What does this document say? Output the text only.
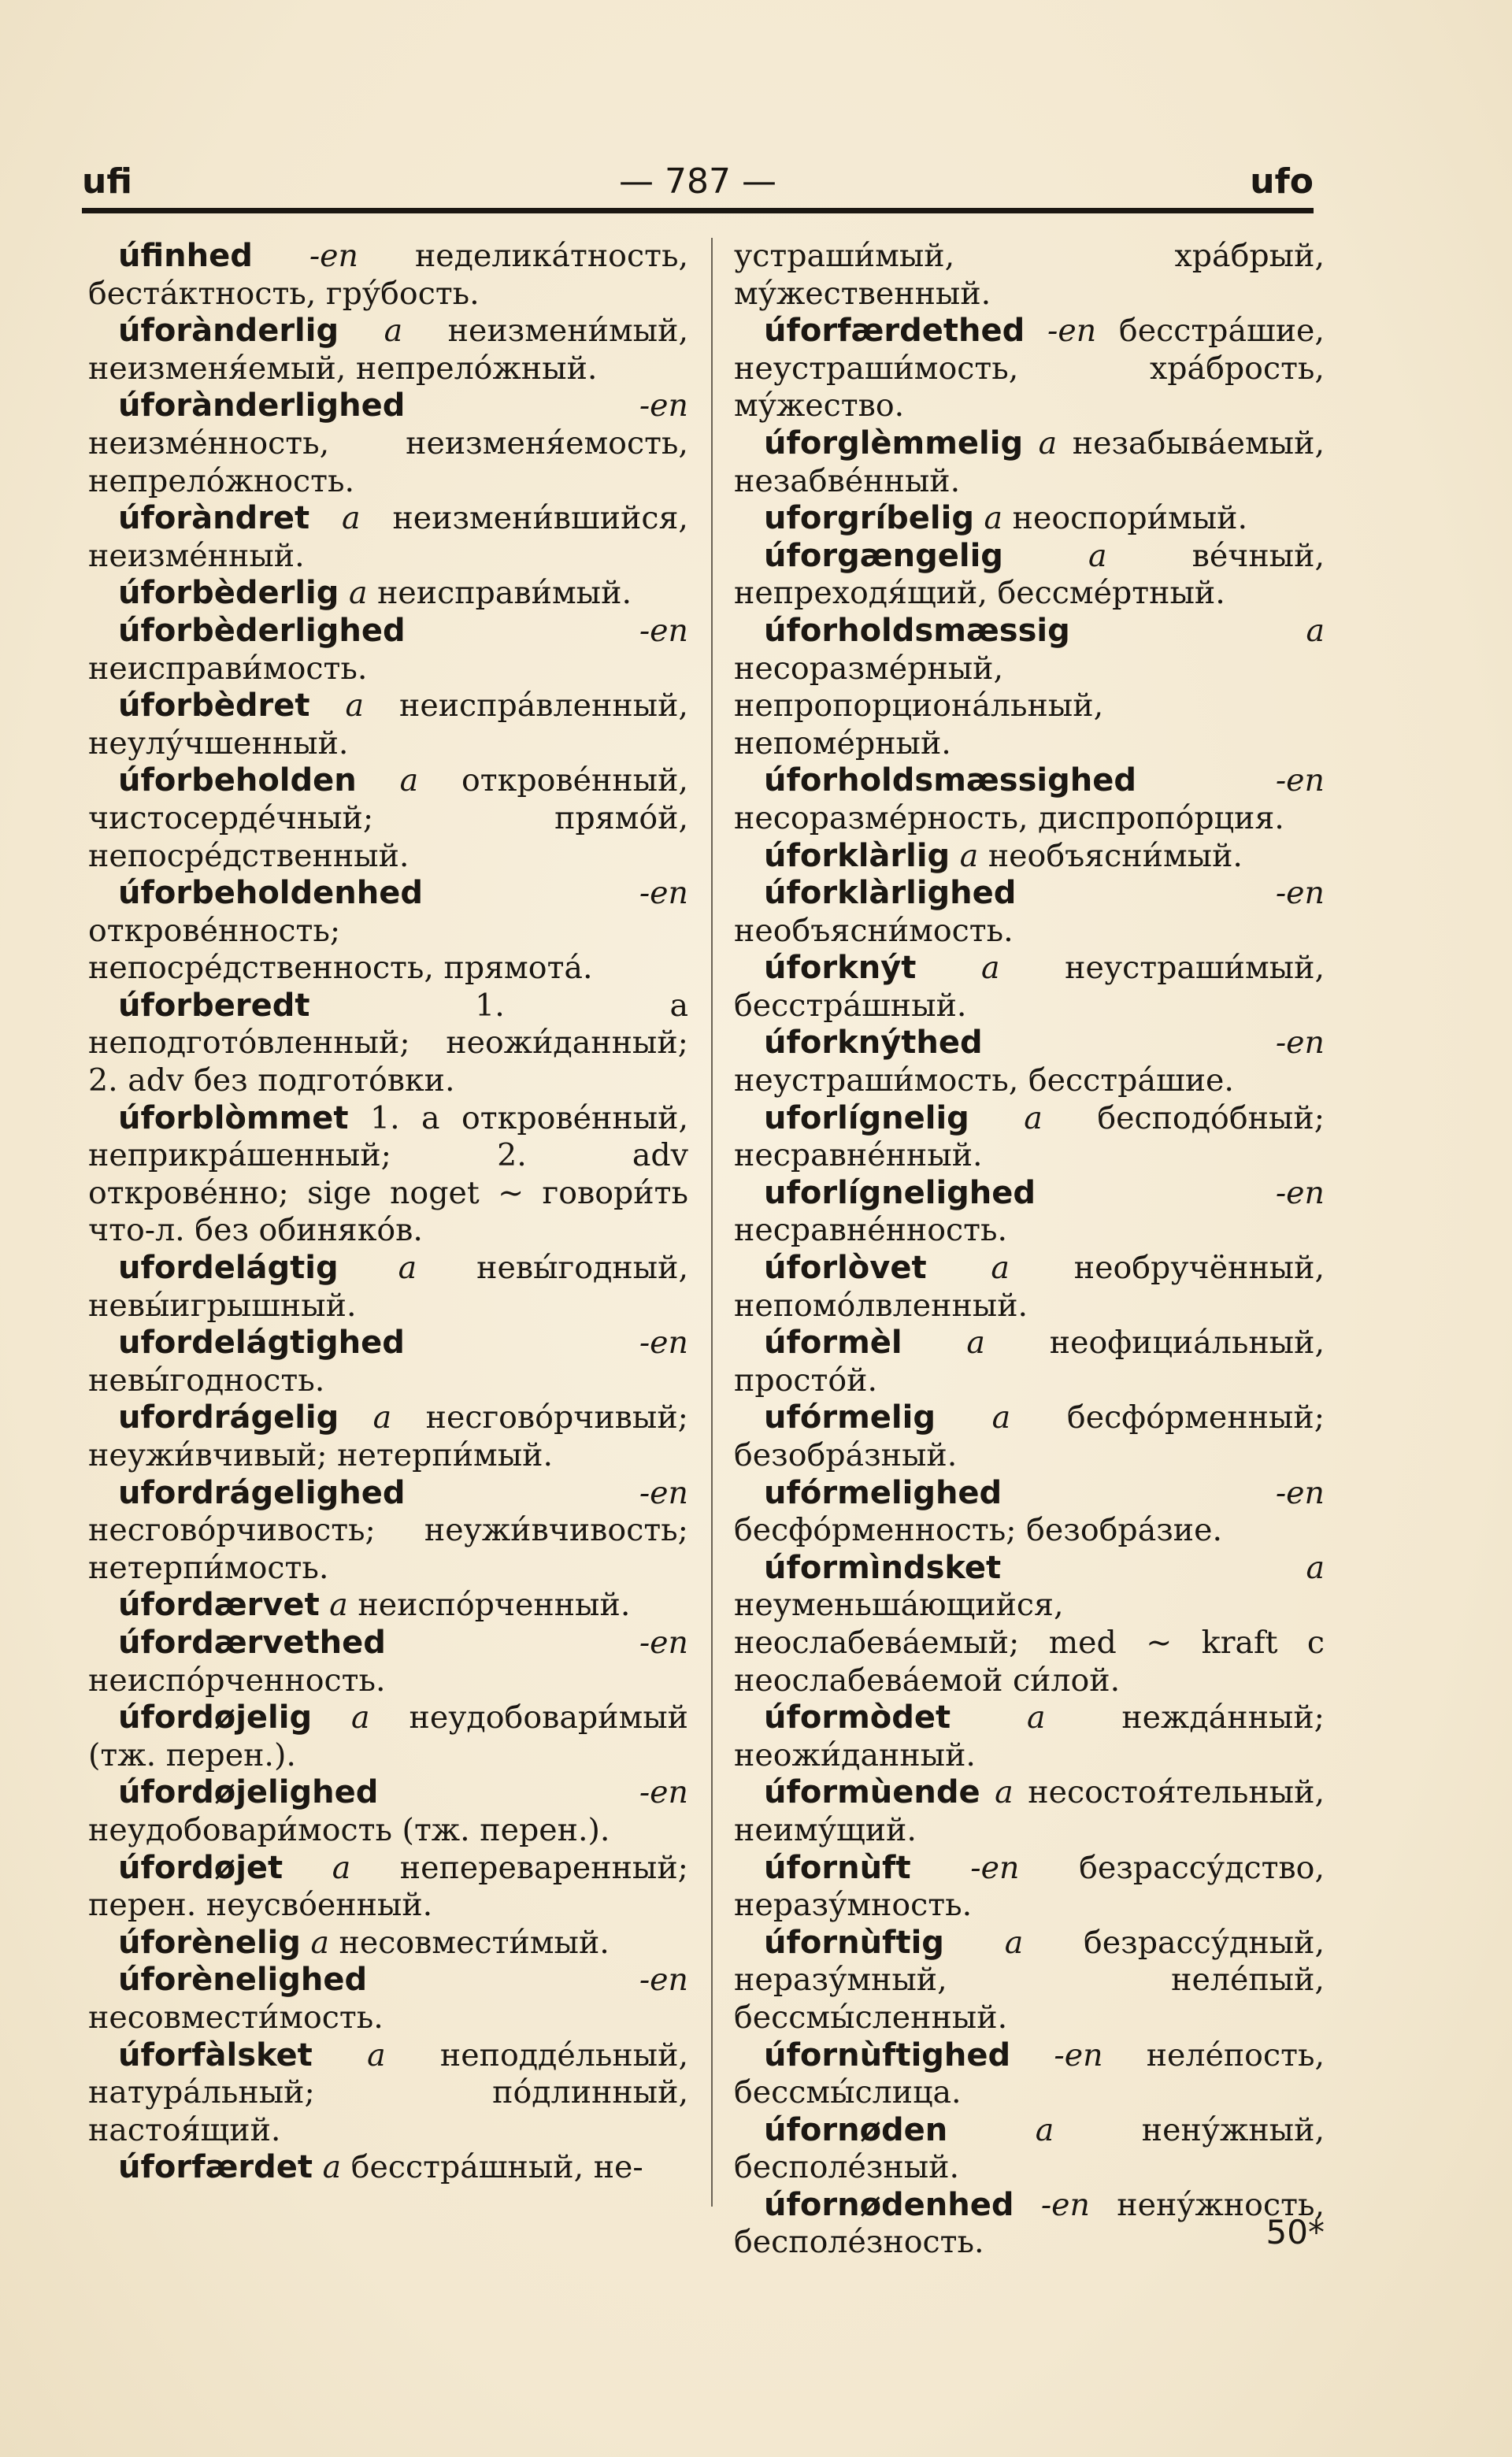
ufi	— 787 —	ufo

úfinhed -en неделика́тность, беста́ктность, гру́бость.

úforànderlig a неизмени́мый, неизменя́емый, непрело́жный.

úforànderlighed	-en неизме́нность, неизменя́емость, непрело́жность.

úforàndret a неизмени́вшийся, неизме́нный.

úforbèderlig a неисправи́мый.

úforbèderlighed	-en неисправи́мость.

úforbèdret a неиспра́вленный, неулу́чшенный.

úforbeholden a открове́нный, чистосерде́чный; прямо́й, непосре́дственный.

úforbeholdenhed	-en открове́нность; непосре́дственность, прямота́.

úforberedt	1. a неподгото́вленный; неожи́данный; 2. adv без подгото́вки.

úforblòmmet 1. a открове́нный, неприкра́шенный; 2. adv открове́нно; sige noget ~ говори́ть что-л. без обиняко́в.

ufordelágtig a невы́годный, невы́игрышный.

ufordelágtighed	-en невы́годность.

ufordrágelig a несгово́рчивый; неужи́вчивый; нетерпи́мый.

ufordrágelighed	-en несгово́рчивость; неужи́вчивость; нетерпи́мость.

úfordærvet a неиспо́рченный.

úfordærvethed	-en неиспо́рченность.

úfordøjelig a неудобовари́мый (тж. перен.).

úfordøjelighed	-en неудобовари́мость (тж. перен.).

úfordøjet a непереваренный; перен. неусво́енный.

úforènelig a несовмести́мый.

úforènelighed	-en несовмести́мость.

úforfàlsket a неподде́льный, натура́льный; по́длинный, настоя́щий.

úforfærdet a бесстра́шный, не-

устраши́мый, хра́брый, му́жественный.

úforfærdethed -en бесстра́шие, неустраши́мость, хра́брость, му́жество.

úforglèmmelig a незабыва́емый, незабве́нный.

uforgríbelig a неоспори́мый.

úforgængelig	a ве́чный, непреходя́щий, бессме́ртный.

úforholdsmæssig	a несоразме́рный, непропорциона́льный, непоме́рный.

úforholdsmæssighed	-en несоразме́рность, диспропо́рция.

úforklàrlig a необъясни́мый.

úforklàrlighed	-en необъясни́мость.

úforknýt a неустраши́мый, бесстра́шный.

úforknýthed	-en неустраши́мость, бесстра́шие.

uforlígnelig a бесподо́бный; несравне́нный.

uforlígnelighed	-en несравне́нность.

úforlòvet a необручённый, непомо́лвленный.

úformèl a неофициа́льный, просто́й.

ufórmelig a бесфо́рменный; безобра́зный.

ufórmelighed	-en бесфо́рменность; безобра́зие.

úformìndsket	a неуменьша́ющийся, неослабева́емый; med ~ kraft с неослабева́емой си́лой.

úformòdet a нежда́нный; неожи́данный.

úformùende a несостоя́тельный, неиму́щий.

úfornùft -en безрассу́дство, неразу́мность.

úfornùftig a безрассу́дный, неразу́мный, неле́пый, бессмы́сленный.

úfornùftighed -en неле́пость, бессмы́слица.

úfornøden	a нену́жный, бесполе́зный.

úfornødenhed -en нену́жность, бесполе́зность.	50*
